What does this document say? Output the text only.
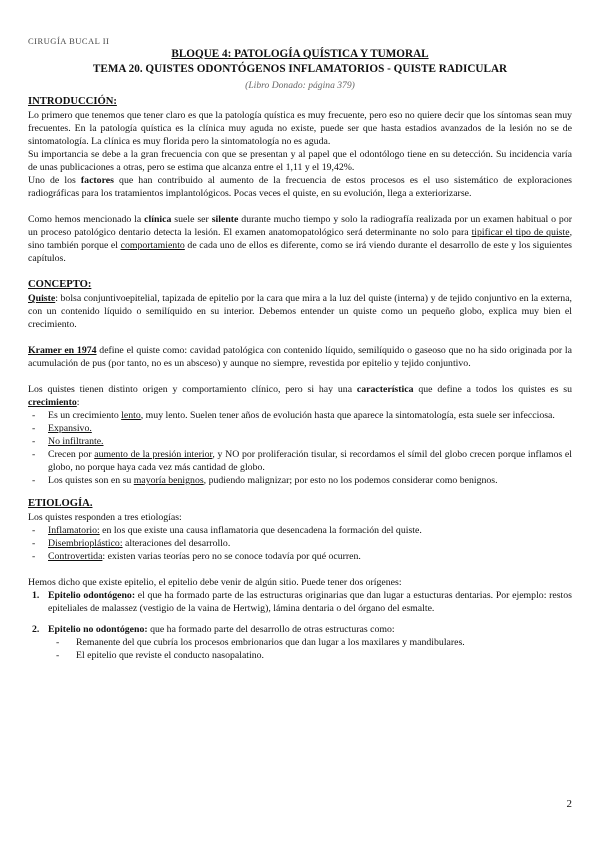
CIRUGÍA BUCAL II
BLOQUE 4: PATOLOGÍA QUÍSTICA Y TUMORAL
TEMA 20. QUISTES ODONTÓGENOS INFLAMATORIOS - QUISTE RADICULAR
(Libro Donado: página 379)
INTRODUCCIÓN:

Lo primero que tenemos que tener claro es que la patología quística es muy frecuente, pero eso no quiere decir que los síntomas sean muy frecuentes. En la patología quística es la clínica muy aguda no existe, puede ser que hasta estadios avanzados de la lesión no se de sintomatología. La clínica es muy florida pero la sintomatología no es aguda.

Su importancia se debe a la gran frecuencia con que se presentan y al papel que el odontólogo tiene en su detección. Su incidencia varía de unas publicaciones a otras, pero se estima que alcanza entre el 1,11 y el 19,42%.

Uno de los factores que han contribuido al aumento de la frecuencia de estos procesos es el uso sistemático de exploraciones radiográficas para los tratamientos implantológicos. Pocas veces el quiste, en su evolución, llega a exteriorizarse.

Como hemos mencionado la clínica suele ser silente durante mucho tiempo y solo la radiografía realizada por un examen habitual o por un proceso patológico dentario detecta la lesión. El examen anatomopatológico será determinante no solo para tipificar el tipo de quiste, sino también porque el comportamiento de cada uno de ellos es diferente, como se irá viendo durante el desarrollo de este y los siguientes capítulos.

CONCEPTO:

Quiste: bolsa conjuntivoepitelial, tapizada de epitelio por la cara que mira a la luz del quiste (interna) y de tejido conjuntivo en la externa, con un contenido líquido o semilíquido en su interior. Debemos entender un quiste como un pequeño globo, explica muy bien el crecimiento.

Kramer en 1974 define el quiste como: cavidad patológica con contenido líquido, semilíquido o gaseoso que no ha sido originada por la acumulación de pus (por tanto, no es un absceso) y aunque no siempre, revestida por epitelio y tejido conjuntivo.

Los quistes tienen distinto origen y comportamiento clínico, pero si hay una característica que define a todos los quistes es su crecimiento:

- Es un crecimiento lento, muy lento. Suelen tener años de evolución hasta que aparece la sintomatología, esta suele ser infecciosa.
- Expansivo.
- No infiltrante.
- Crecen por aumento de la presión interior, y NO por proliferación tisular, si recordamos el símil del globo crecen porque inflamos el globo, no porque haya cada vez más cantidad de globo.
- Los quistes son en su mayoría benignos, pudiendo malignizar; por esto no los podemos considerar como benignos.
ETIOLOGÍA.

Los quistes responden a tres etiologías:

- Inflamatorio: en los que existe una causa inflamatoria que desencadena la formación del quiste.
- Disembrioplástico: alteraciones del desarrollo.
- Controvertida: existen varias teorías pero no se conoce todavía por qué ocurren.

Hemos dicho que existe epitelio, el epitelio debe venir de algún sitio. Puede tener dos orígenes:

1. Epitelio odontógeno: el que ha formado parte de las estructuras originarias que dan lugar a estucturas dentarias. Por ejemplo: restos epiteliales de malassez (vestigio de la vaina de Hertwig), lámina dentaria o del órgano del esmalte.
2. Epitelio no odontógeno: que ha formado parte del desarrollo de otras estructuras como:
- Remanente del que cubría los procesos embrionarios que dan lugar a los maxilares y mandibulares.
- El epitelio que reviste el conducto nasopalatino.
2
